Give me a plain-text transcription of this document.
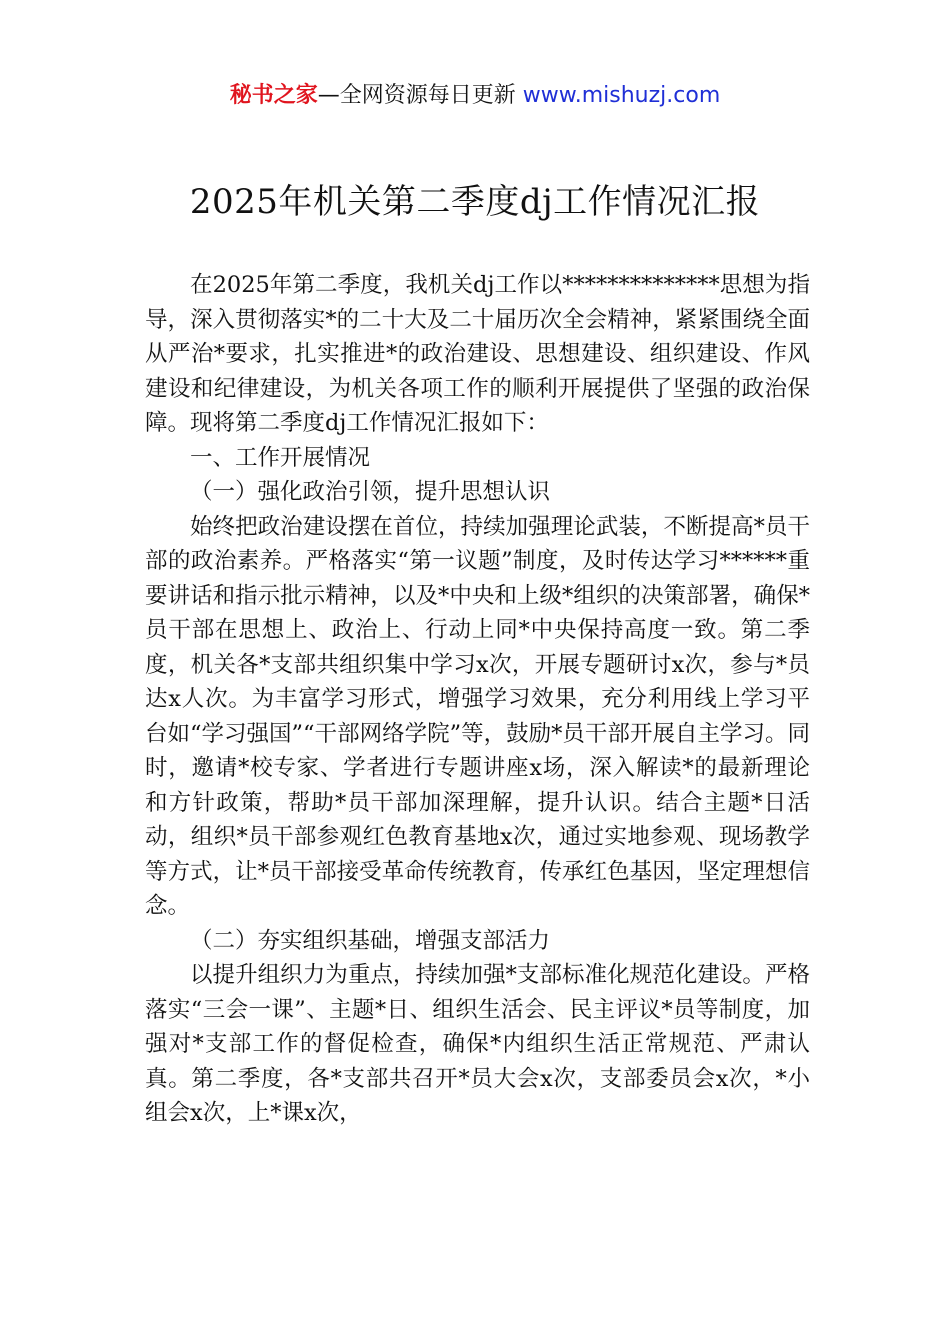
秘书之家—全网资源每日更新 www.mishuzj.com
2025年机关第二季度dj工作情况汇报

在2025年第二季度，我机关dj工作以**************思想为指导，深入贯彻落实*的二十大及二十届历次全会精神，紧紧围绕全面从严治*要求，扎实推进*的政治建设、思想建设、组织建设、作风建设和纪律建设，为机关各项工作的顺利开展提供了坚强的政治保障。现将第二季度dj工作情况汇报如下：

一、工作开展情况

（一）强化政治引领，提升思想认识

始终把政治建设摆在首位，持续加强理论武装，不断提高*员干部的政治素养。严格落实“第一议题”制度，及时传达学习******重要讲话和指示批示精神，以及*中央和上级*组织的决策部署，确保*员干部在思想上、政治上、行动上同*中央保持高度一致。第二季度，机关各*支部共组织集中学习x次，开展专题研讨x次，参与*员达x人次。为丰富学习形式，增强学习效果，充分利用线上学习平台如“学习强国”“干部网络学院”等，鼓励*员干部开展自主学习。同时，邀请*校专家、学者进行专题讲座x场，深入解读*的最新理论和方针政策，帮助*员干部加深理解，提升认识。结合主题*日活动，组织*员干部参观红色教育基地x次，通过实地参观、现场教学等方式，让*员干部接受革命传统教育，传承红色基因，坚定理想信念。

（二）夯实组织基础，增强支部活力

以提升组织力为重点，持续加强*支部标准化规范化建设。严格落实“三会一课”、主题*日、组织生活会、民主评议*员等制度，加强对*支部工作的督促检查，确保*内组织生活正常规范、严肃认真。第二季度，各*支部共召开*员大会x次，支部委员会x次，*小组会x次，上*课x次，
